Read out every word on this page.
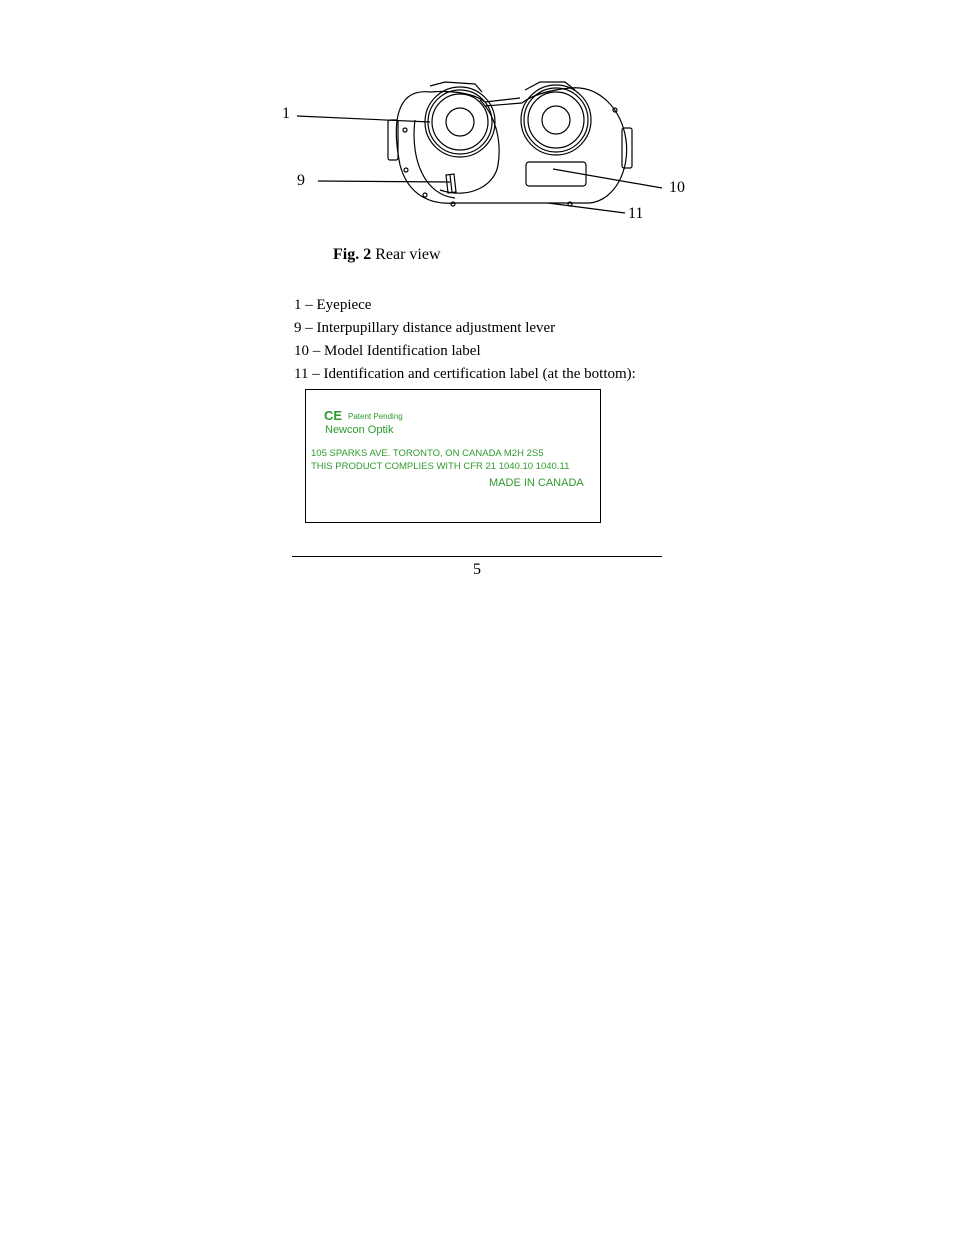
1
9	10
11
Fig. 2 Rear view
1 – Eyepiece
9 – Interpupillary distance adjustment lever
10 – Model Identification label
11 – Identification and certification label (at the bottom):
CE Patent Pending
Newcon Optik
105 SPARKS AVE. TORONTO, ON CANADA M2H 2S5
THIS PRODUCT COMPLIES WITH CFR 21 1040.10 1040.11
MADE IN CANADA
5
